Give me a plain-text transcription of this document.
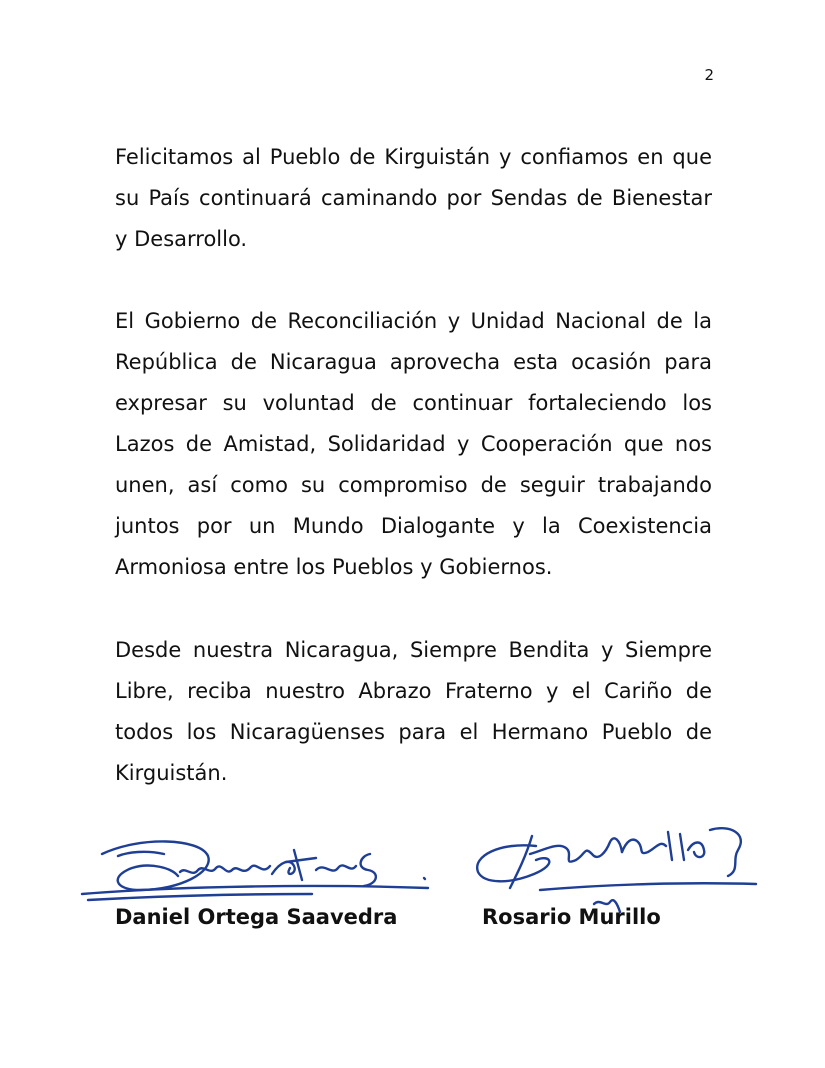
2

Felicitamos al Pueblo de Kirguistán y confiamos en que su País continuará caminando por Sendas de Bienestar y Desarrollo.

El Gobierno de Reconciliación y Unidad Nacional de la República de Nicaragua aprovecha esta ocasión para expresar su voluntad de continuar fortaleciendo los Lazos de Amistad, Solidaridad y Cooperación que nos unen, así como su compromiso de seguir trabajando juntos por un Mundo Dialogante y la Coexistencia Armoniosa entre los Pueblos y Gobiernos.

Desde nuestra Nicaragua, Siempre Bendita y Siempre Libre, reciba nuestro Abrazo Fraterno y el Cariño de todos los Nicaragüenses para el Hermano Pueblo de Kirguistán.

Daniel Ortega Saavedra	Rosario Murillo
